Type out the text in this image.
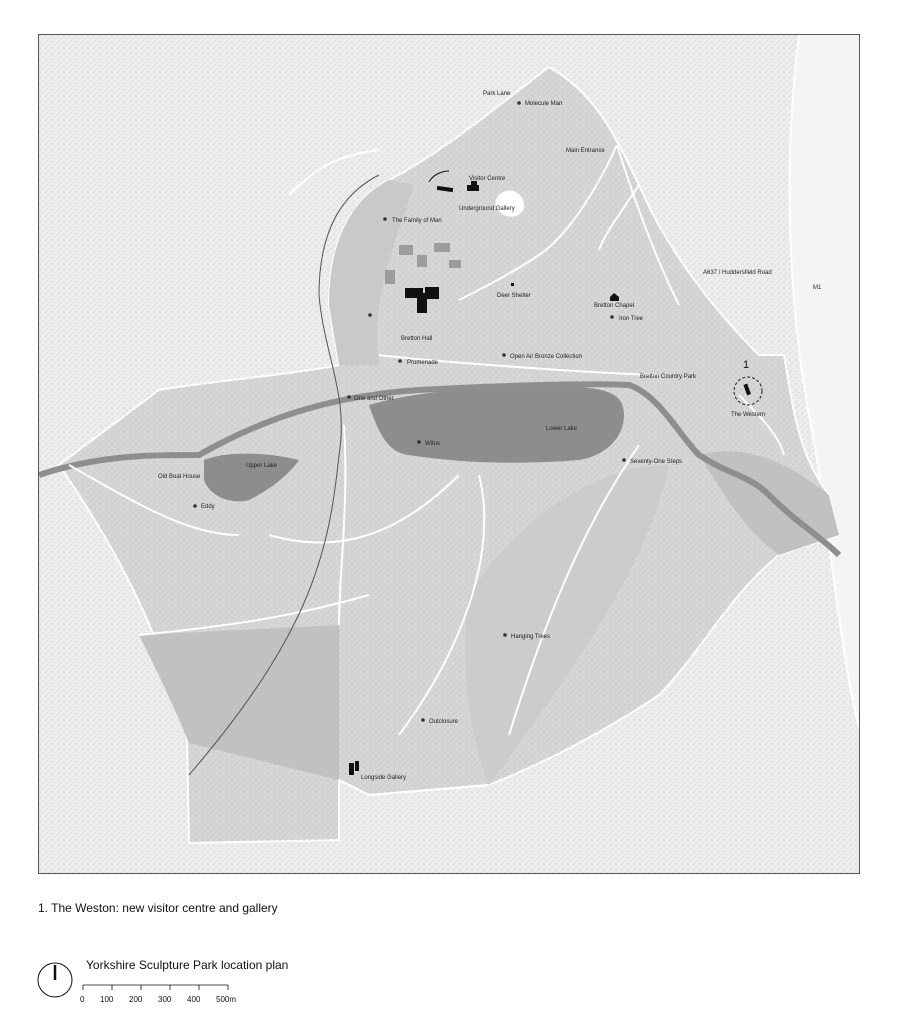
Park Lane
Molecule Man
Main Entrance
Visitor Centre
Underground Gallery
The Family of Man
Deer Shelter
A637 / Huddersfield Road
M1
Bretton Chapel
Iron Tree
Bretton Hall
Promenade
Open Air Bronze Collection
Bretton Country Park
1
The Western
One and Other
Lower Lake
Witus
Upper Lake
Old Boat House
Eddy
Seventy-One Steps
Hanging Trees
Outclosure
Longside Gallery
1. The Weston: new visitor centre and gallery
Yorkshire Sculpture Park location plan
0 100 200 300 400 500m
